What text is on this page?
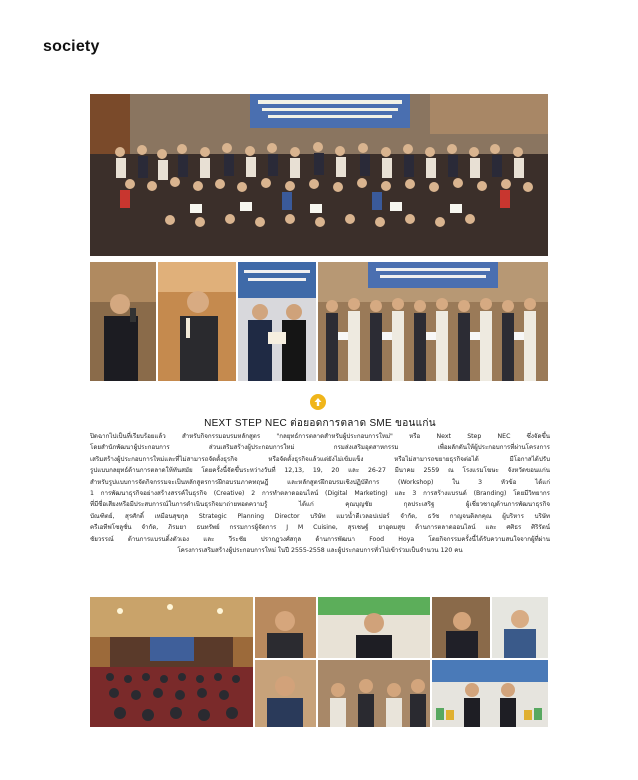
society
NEXT STEP NEC ต่อยอดการตลาด SME ขอนแก่น
ปิดฉากไปเป็นที่เรียบร้อยแล้ว สำหรับกิจกรรมอบรมหลักสูตร "กลยุทธ์การตลาดสำหรับผู้ประกอบการใหม่" หรือ Next Step NEC ซึ่งจัดขึ้น
โดยสำนักพัฒนาผู้ประกอบการ ส่วนเสริมสร้างผู้ประกอบการใหม่ กรมส่งเสริมอุตสาหกรรม เพื่อผลักดันให้ผู้ประกอบการที่ผ่านโครงการ
เสริมสร้างผู้ประกอบการใหม่และที่ไม่สามารถจัดตั้งธุรกิจ หรือจัดตั้งธุรกิจแล้วแต่ยังไม่เข้มแข็ง หรือไม่สามารถขยายธุรกิจต่อได้ มีโอกาสได้ปรับ
รูปแบบกลยุทธ์ด้านการตลาดให้ทันสมัย โดยครั้งนี้จัดขึ้นระหว่างวันที่ 12,13, 19, 20 และ 26-27 มีนาคม 2559 ณ โรงแรมโฆษะ จังหวัดขอนแก่น
สำหรับรูปแบบการจัดกิจกรรมจะเป็นหลักสูตรการฝึกอบรมภาคทฤษฎี และหลักสูตรฝึกอบรมเชิงปฏิบัติการ (Workshop) ใน 3 หัวข้อ ได้แก่
1 การพัฒนาธุรกิจอย่างสร้างสรรค์ในธุรกิจ (Creative) 2 การทำตลาดออนไลน์ (Digital Marketing) และ 3 การสร้างแบรนด์ (Branding) โดยมีวิทยากร
ที่มีชื่อเสียงหรือมีประสบการณ์ในการดำเนินธุรกิจมาถ่ายทอดความรู้ ได้แก่ คุณบุญชัย กุลประเสริฐ ผู้เชี่ยวชาญด้านการพัฒนาธุรกิจ
บัณฑิตย์, สุรศักดิ์ เหมือนสุขกุล Strategic Planning Director บริษัท แมวน้ำดีเวลอปเปอร์ จำกัด, ธวัช กาญจนดิลกคุณ ผู้บริหาร บริษัท
ครีเอทีฟโซลูชั่น จำกัด, ภิรมยา ธนทรัพย์ กรรมการผู้จัดการ J M Cuisine, สุรเชษฐ์ ยาอุดมสุข ด้านการตลาดออนไลน์ และ ศศิธร ศิริรัตน์
ชัยวรรณ์ ด้านการแบรนดิ้งตัวเอง และ วีระชัย ปรากฏวงศ์สกุล ด้านการพัฒนา Food Hoya โดยกิจกรรมครั้งนี้ได้รับความสนใจจากผู้ที่ผ่าน
โครงการเสริมสร้างผู้ประกอบการใหม่ ในปี 2555-2558 และผู้ประกอบการทั่วไปเข้าร่วมเป็นจำนวน 120 คน
